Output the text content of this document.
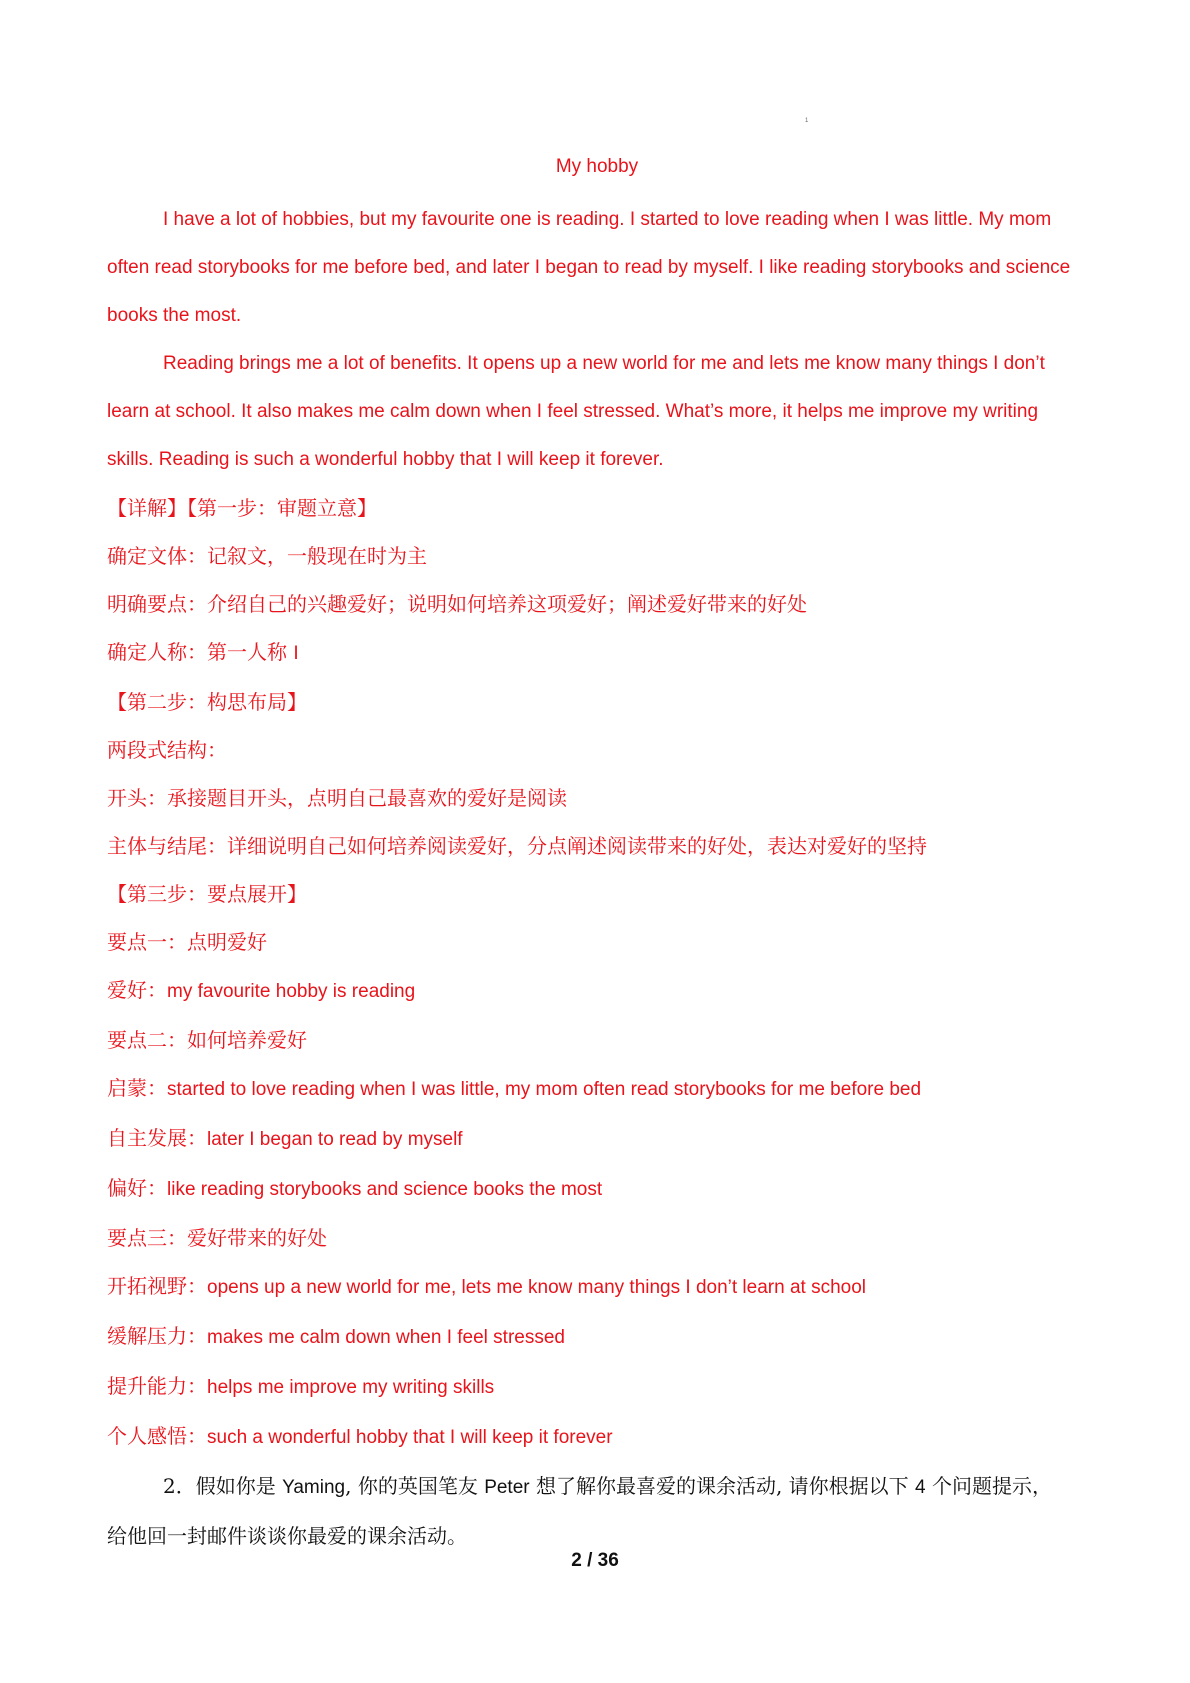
1

My hobby

I have a lot of hobbies, but my favourite one is reading. I started to love reading when I was little. My mom often read storybooks for me before bed, and later I began to read by myself. I like reading storybooks and science books the most.

Reading brings me a lot of benefits. It opens up a new world for me and lets me know many things I don’t learn at school. It also makes me calm down when I feel stressed. What’s more, it helps me improve my writing skills. Reading is such a wonderful hobby that I will keep it forever.

【详解】【第一步：审题立意】

确定文体：记叙文，一般现在时为主

明确要点：介绍自己的兴趣爱好；说明如何培养这项爱好；阐述爱好带来的好处

确定人称：第一人称 I

【第二步：构思布局】

两段式结构：

开头：承接题目开头，点明自己最喜欢的爱好是阅读

主体与结尾：详细说明自己如何培养阅读爱好，分点阐述阅读带来的好处，表达对爱好的坚持

【第三步：要点展开】

要点一：点明爱好

爱好：my favourite hobby is reading

要点二：如何培养爱好

启蒙：started to love reading when I was little, my mom often read storybooks for me before bed

自主发展：later I began to read by myself

偏好：like reading storybooks and science books the most

要点三：爱好带来的好处

开拓视野：opens up a new world for me, lets me know many things I don’t learn at school

缓解压力：makes me calm down when I feel stressed

提升能力：helps me improve my writing skills

个人感悟：such a wonderful hobby that I will keep it forever

2．假如你是 Yaming, 你的英国笔友 Peter 想了解你最喜爱的课余活动, 请你根据以下 4 个问题提示，

给他回一封邮件谈谈你最爱的课余活动。

2 / 36
